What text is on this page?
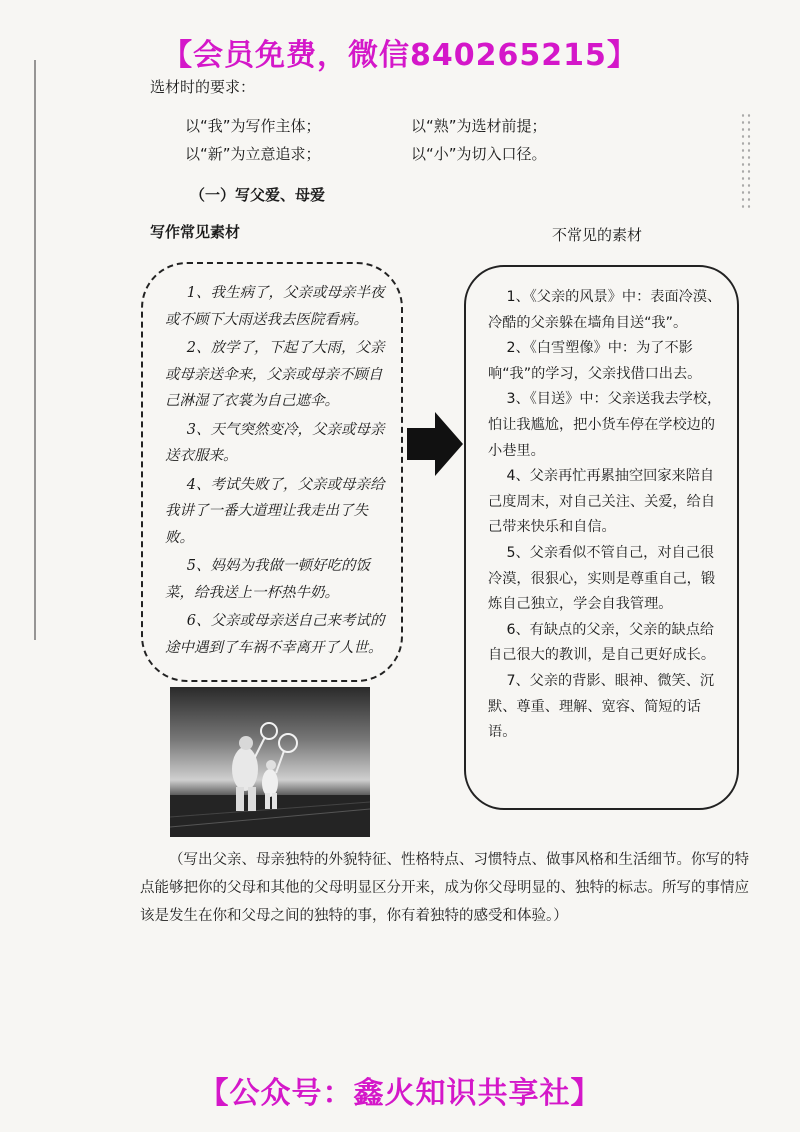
【会员免费，微信840265215】
选材时的要求：
以“我”为写作主体；	以“熟”为选材前提；
以“新”为立意追求；	以“小”为切入口径。
（一）写父爱、母爱
写作常见素材	不常见的素材
1、我生病了，父亲或母亲半夜或不顾下大雨送我去医院看病。
2、放学了，下起了大雨，父亲或母亲送伞来，父亲或母亲不顾自己淋湿了衣裳为自己遮伞。
3、天气突然变冷，父亲或母亲送衣服来。
4、考试失败了，父亲或母亲给我讲了一番大道理让我走出了失败。
5、妈妈为我做一顿好吃的饭菜，给我送上一杯热牛奶。
6、父亲或母亲送自己来考试的途中遇到了车祸不幸离开了人世。
1、《父亲的风景》中：表面冷漠、冷酷的父亲躲在墙角目送“我”。
2、《白雪塑像》中：为了不影响“我”的学习，父亲找借口出去。
3、《目送》中：父亲送我去学校，怕让我尴尬，把小货车停在学校边的小巷里。
4、父亲再忙再累抽空回家来陪自己度周末，对自己关注、关爱，给自己带来快乐和自信。
5、父亲看似不管自己，对自己很冷漠，很狠心，实则是尊重自己，锻炼自己独立，学会自我管理。
6、有缺点的父亲，父亲的缺点给自己很大的教训，是自己更好成长。
7、父亲的背影、眼神、微笑、沉默、尊重、理解、宽容、简短的话语。
（写出父亲、母亲独特的外貌特征、性格特点、习惯特点、做事风格和生活细节。你写的特点能够把你的父母和其他的父母明显区分开来，成为你父母明显的、独特的标志。所写的事情应该是发生在你和父母之间的独特的事，你有着独特的感受和体验。）
【公众号：鑫火知识共享社】
